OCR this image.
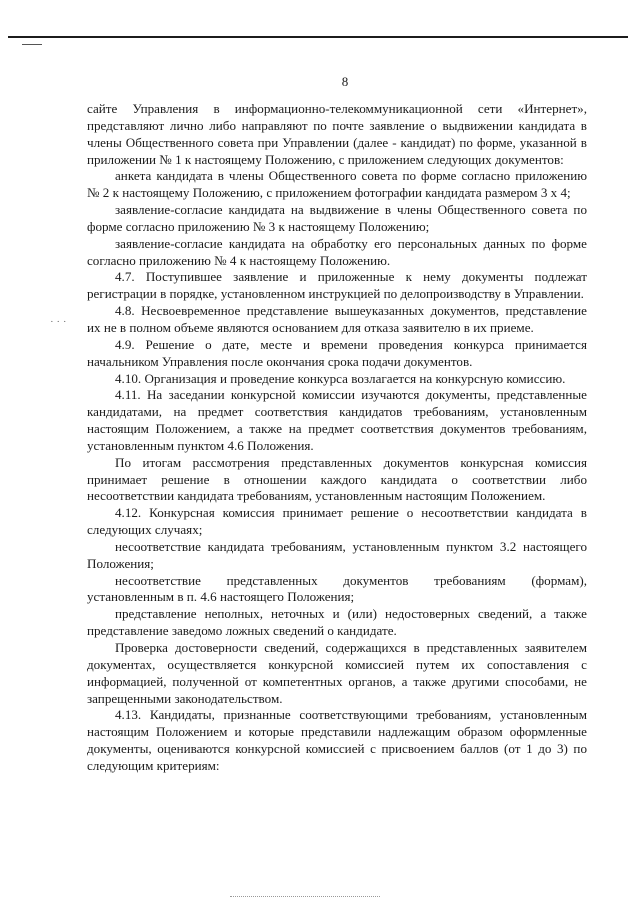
8
˙ ˙ ˙

сайте Управления в информационно-телекоммуникационной сети «Интернет», представляют лично либо направляют по почте заявление о выдвижении кандидата в члены Общественного совета при Управлении (далее - кандидат) по форме, указанной в приложении № 1 к настоящему Положению, с приложением следующих документов:

анкета кандидата в члены Общественного совета по форме согласно приложению № 2 к настоящему Положению, с приложением фотографии кандидата размером 3 х 4;

заявление-согласие кандидата на выдвижение в члены Общественного совета по форме согласно приложению № 3 к настоящему Положению;

заявление-согласие кандидата на обработку его персональных данных по форме согласно приложению № 4 к настоящему Положению.

4.7. Поступившее заявление и приложенные к нему документы подлежат регистрации в порядке, установленном инструкцией по делопроизводству в Управлении.

4.8. Несвоевременное представление вышеуказанных документов, представление их не в полном объеме являются основанием для отказа заявителю в их приеме.

4.9. Решение о дате, месте и времени проведения конкурса принимается начальником Управления после окончания срока подачи документов.

4.10. Организация и проведение конкурса возлагается на конкурсную комиссию.

4.11. На заседании конкурсной комиссии изучаются документы, представленные кандидатами, на предмет соответствия кандидатов требованиям, установленным настоящим Положением, а также на предмет соответствия документов требованиям, установленным пунктом 4.6 Положения.

По итогам рассмотрения представленных документов конкурсная комиссия принимает решение в отношении каждого кандидата о соответствии либо несоответствии кандидата требованиям, установленным настоящим Положением.

4.12. Конкурсная комиссия принимает решение о несоответствии кандидата в следующих случаях;

несоответствие кандидата требованиям, установленным пунктом 3.2 настоящего Положения;

несоответствие представленных документов требованиям (формам), установленным в п. 4.6 настоящего Положения;

представление неполных, неточных и (или) недостоверных сведений, а также представление заведомо ложных сведений о кандидате.

Проверка достоверности сведений, содержащихся в представленных заявителем документах, осуществляется конкурсной комиссией путем их сопоставления с информацией, полученной от компетентных органов, а также другими способами, не запрещенными законодательством.

4.13. Кандидаты, признанные соответствующими требованиям, установленным настоящим Положением и которые представили надлежащим образом оформленные документы, оцениваются конкурсной комиссией с присвоением баллов (от 1 до 3) по следующим критериям:
